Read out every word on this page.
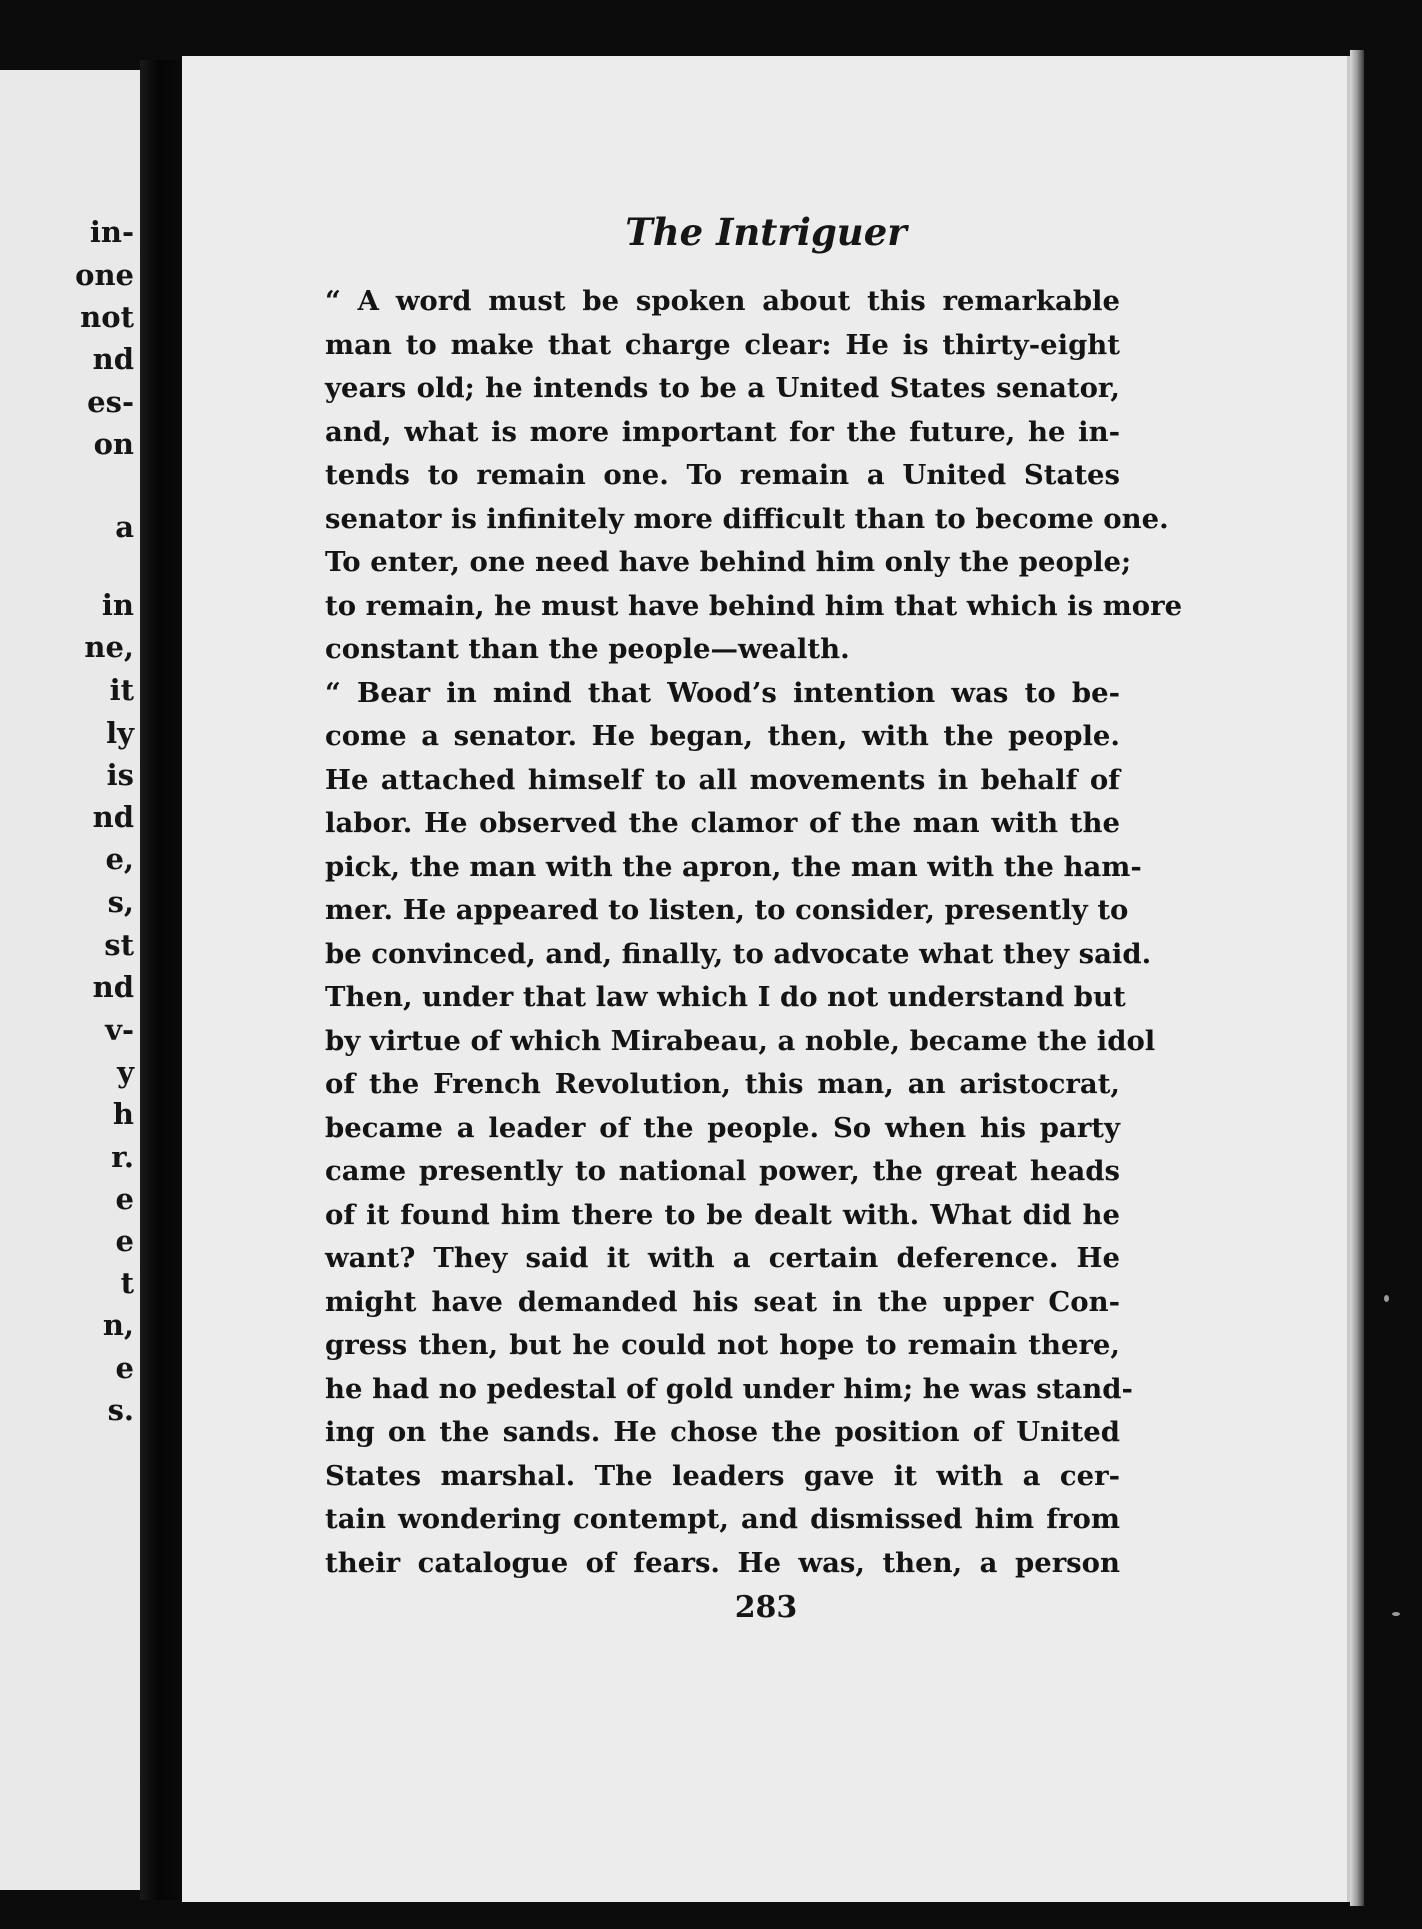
in-
one
not
nd
es-
on
a
in
ne,
it
ly
is
nd
e,
s,
st
nd
v-
y
h
r.
e
e
t
n,
e
s.
The Intriguer
“ A word must be spoken about this remarkable
man to make that charge clear: He is thirty-eight
years old; he intends to be a United States senator,
and, what is more important for the future, he in-
tends to remain one. To remain a United States
senator is infinitely more difficult than to become one.
To enter, one need have behind him only the people;
to remain, he must have behind him that which is more
constant than the people—wealth.
“ Bear in mind that Wood’s intention was to be-
come a senator. He began, then, with the people.
He attached himself to all movements in behalf of
labor. He observed the clamor of the man with the
pick, the man with the apron, the man with the ham-
mer. He appeared to listen, to consider, presently to
be convinced, and, finally, to advocate what they said.
Then, under that law which I do not understand but
by virtue of which Mirabeau, a noble, became the idol
of the French Revolution, this man, an aristocrat,
became a leader of the people. So when his party
came presently to national power, the great heads
of it found him there to be dealt with. What did he
want? They said it with a certain deference. He
might have demanded his seat in the upper Con-
gress then, but he could not hope to remain there,
he had no pedestal of gold under him; he was stand-
ing on the sands. He chose the position of United
States marshal. The leaders gave it with a cer-
tain wondering contempt, and dismissed him from
their catalogue of fears. He was, then, a person
283
